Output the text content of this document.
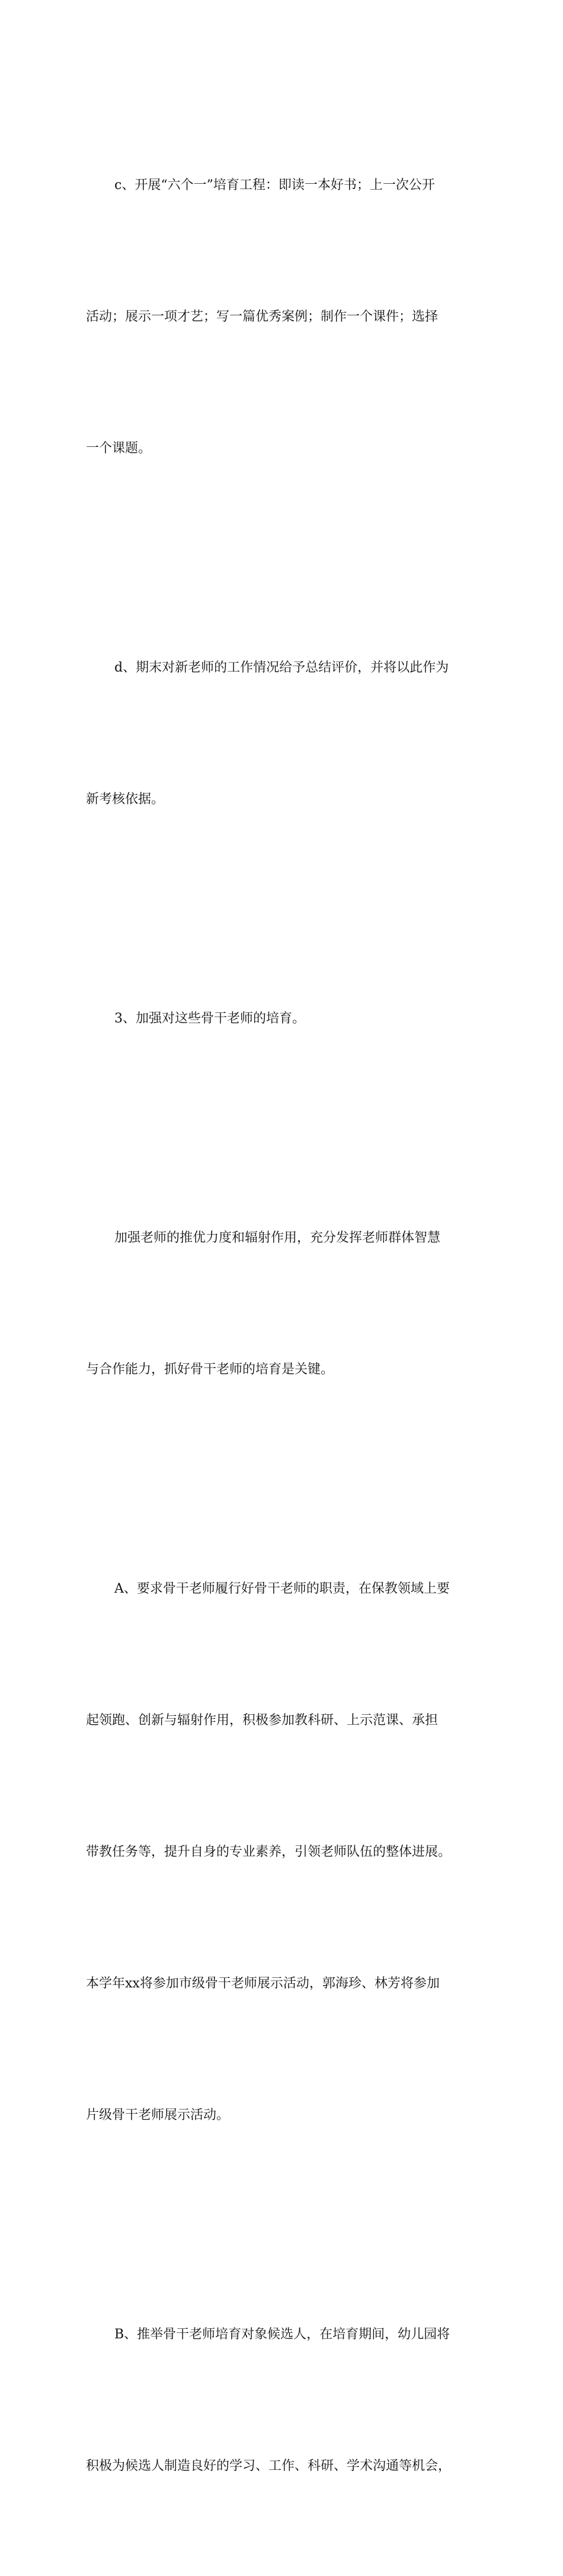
c、开展“六个一”培育工程：即读一本好书；上一次公开

活动；展示一项才艺；写一篇优秀案例；制作一个课件；选择

一个课题。

d、期末对新老师的工作情况给予总结评价，并将以此作为

新考核依据。

3、加强对这些骨干老师的培育。

加强老师的推优力度和辐射作用，充分发挥老师群体智慧

与合作能力，抓好骨干老师的培育是关键。

A、要求骨干老师履行好骨干老师的职责，在保教领域上要

起领跑、创新与辐射作用，积极参加教科研、上示范课、承担

带教任务等，提升自身的专业素养，引领老师队伍的整体进展。

本学年xx将参加市级骨干老师展示活动，郭海珍、林芳将参加

片级骨干老师展示活动。

B、推举骨干老师培育对象候选人，在培育期间，幼儿园将

积极为候选人制造良好的学习、工作、科研、学术沟通等机会，
